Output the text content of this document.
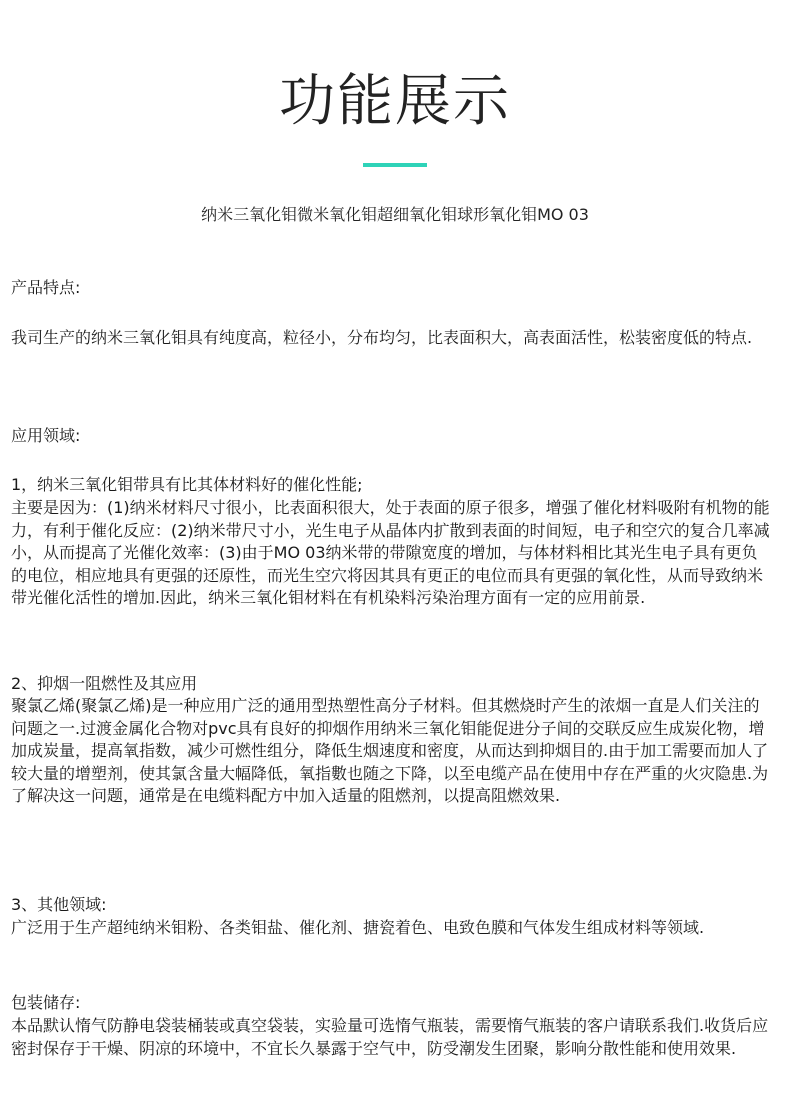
功能展示
纳米三氧化钼微米氧化钼超细氧化钼球形氧化钼MO 03

产品特点:

我司生产的纳米三氧化钼具有纯度高，粒径小，分布均匀，比表面积大，高表面活性，松装密度低的特点.

应用领域:

1，纳米三氧化钼带具有比其体材料好的催化性能;

主要是因为：(1)纳米材料尺寸很小，比表面积很大，处于表面的原子很多，增强了催化材料吸附有机物的能力，有利于催化反应：(2)纳米带尺寸小，光生电子从晶体内扩散到表面的时间短，电子和空穴的复合几率减小，从而提高了光催化效率：(3)由于MO 03纳米带的带隙宽度的增加，与体材料相比其光生电子具有更负的电位，相应地具有更强的还原性，而光生空穴将因其具有更正的电位而具有更强的氧化性，从而导致纳米带光催化活性的增加.因此，纳米三氧化钼材料在有机染料污染治理方面有一定的应用前景.

2、抑烟一阻燃性及其应用

聚氯乙烯(聚氯乙烯)是一种应用广泛的通用型热塑性高分子材料。但其燃烧时产生的浓烟一直是人们关注的问题之一.过渡金属化合物对pvc具有良好的抑烟作用纳米三氧化钼能促进分子间的交联反应生成炭化物，增加成炭量，提高氧指数，减少可燃性组分，降低生烟速度和密度，从而达到抑烟目的.由于加工需要而加人了较大量的增塑剂，使其氯含量大幅降低，氧指數也随之下降，以至电缆产品在使用中存在严重的火灾隐患.为了解决这一问题，通常是在电缆料配方中加入适量的阻燃剂，以提高阻燃效果.

3、其他领域:

广泛用于生产超纯纳米钼粉、各类钼盐、催化剂、搪瓷着色、电致色膜和气体发生组成材料等领域.

包装储存:

本品默认惰气防静电袋装桶装或真空袋装，实验量可选惰气瓶装，需要惰气瓶装的客户请联系我们.收货后应密封保存于干燥、阴凉的环境中，不宜长久暴露于空气中，防受潮发生团聚，影响分散性能和使用效果.
